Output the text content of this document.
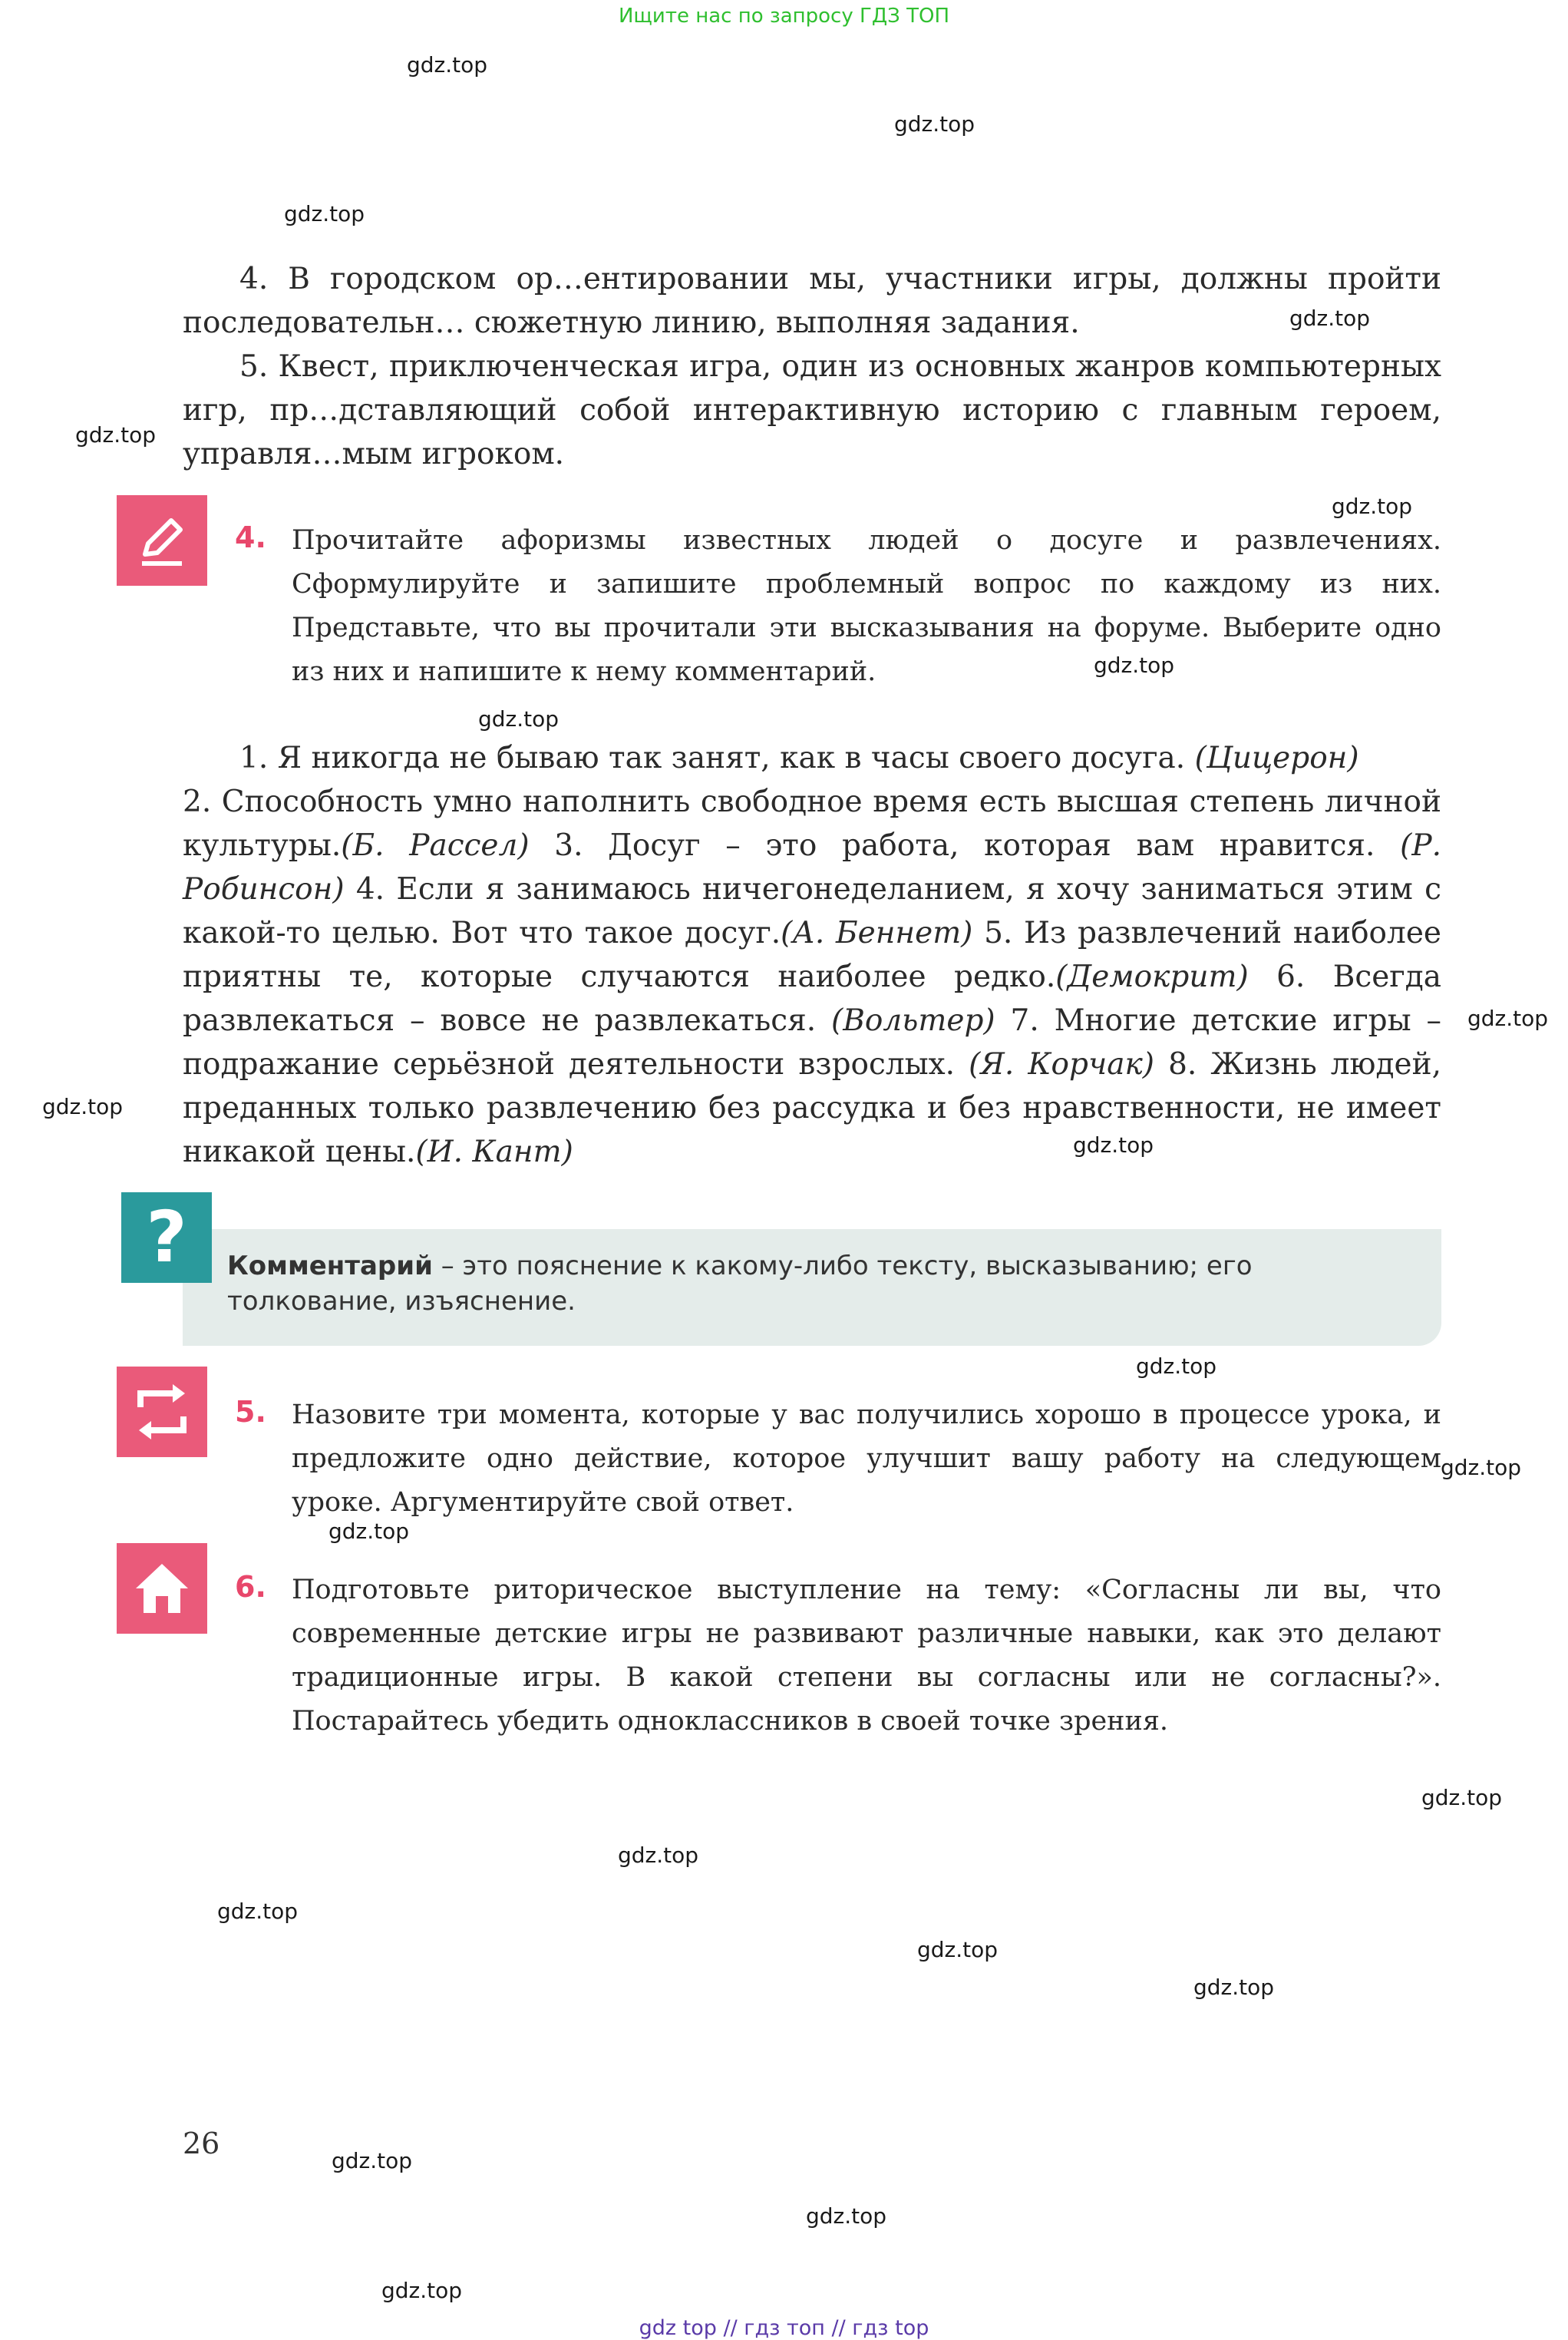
Ищите нас по запросу ГДЗ ТОП
gdz.top
gdz.top
gdz.top
gdz.top
gdz.top
gdz.top
gdz.top
gdz.top
gdz.top
gdz.top
gdz.top
gdz.top
gdz.top
gdz.top
gdz.top
gdz.top
gdz.top
gdz.top
gdz.top
gdz.top
gdz.top
gdz.top

4. В городском ор…ентировании мы, участники игры, должны пройти последовательн… сюжетную линию, выполняя задания.

5. Квест, приключенческая игра, один из основных жанров компьютерных игр, пр…дставляющий собой интерактивную историю с главным героем, управля…мым игроком.

4. Прочитайте афоризмы известных людей о досуге и развлечениях. Сформулируйте и запишите проблемный вопрос по каждому из них. Представьте, что вы прочитали эти высказывания на форуме. Выберите одно из них и напишите к нему комментарий.

1. Я никогда не бываю так занят, как в часы своего досуга. (Цицерон)

2. Способность умно наполнить свободное время есть высшая степень личной культуры.(Б. Рассел) 3. Досуг – это работа, которая вам нравится. (Р. Робинсон) 4. Если я занимаюсь ничегонеделанием, я хочу заниматься этим с какой-то целью. Вот что такое досуг.(А. Беннет) 5. Из развлечений наиболее приятны те, которые случаются наиболее редко.(Демокрит) 6. Всегда развлекаться – вовсе не развлекаться. (Вольтер) 7. Многие детские игры – подражание серьёзной деятельности взрослых. (Я. Корчак) 8. Жизнь людей, преданных только развлечению без рассудка и без нравственности, не имеет никакой цены.(И. Кант)

?	Комментарий – это пояснение к какому-либо тексту, высказыванию; его толкование, изъяснение.
5. Назовите три момента, которые у вас получились хорошо в процессе урока, и предложите одно действие, которое улучшит вашу работу на следующем уроке. Аргументируйте свой ответ.

6. Подготовьте риторическое выступление на тему: «Согласны ли вы, что современные детские игры не развивают различные навыки, как это делают традиционные игры. В какой степени вы согласны или не согласны?». Постарайтесь убедить одноклассников в своей точке зрения.

26
gdz top // гдз топ // гдз top
